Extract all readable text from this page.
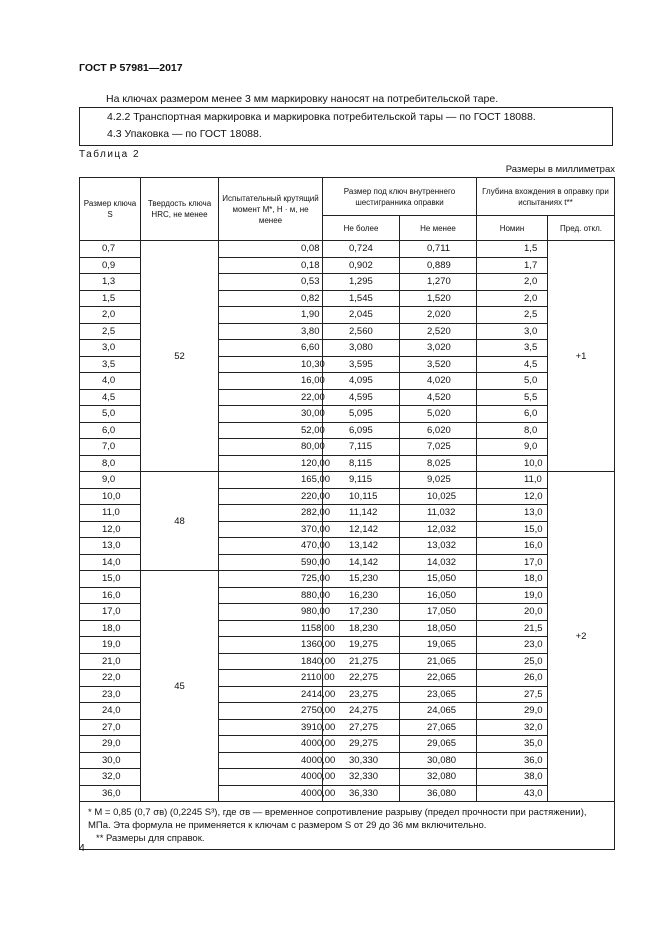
ГОСТ Р 57981—2017
На ключах размером менее 3 мм маркировку наносят на потребительской таре.
4.2.2 Транспортная маркировка и маркировка потребительской тары — по ГОСТ 18088.
4.3 Упаковка — по ГОСТ 18088.
Таблица 2
Размеры в миллиметрах
Размер ключа S	Твердость ключа HRC, не менее	Испытательный крутящий момент M*, Н · м, не менее	Размер под ключ внутреннего шестигранника оправки		Глубина вхождения в оправку при испытаниях t**	
			Не более	Не менее	Номин	Пред. откл.
0,7	52	0,08	0,724	0,711	1,5	+1
0,9		0,18	0,902	0,889	1,7	
1,3		0,53	1,295	1,270	2,0	
1,5		0,82	1,545	1,520	2,0	
2,0		1,90	2,045	2,020	2,5	
2,5		3,80	2,560	2,520	3,0	
3,0		6,60	3,080	3,020	3,5	
3,5		10,30	3,595	3,520	4,5	
4,0		16,00	4,095	4,020	5,0	
4,5		22,00	4,595	4,520	5,5	
5,0		30,00	5,095	5,020	6,0	
6,0		52,00	6,095	6,020	8,0	
7,0		80,00	7,115	7,025	9,0	
8,0		120,00	8,115	8,025	10,0	
9,0	48	165,00	9,115	9,025	11,0	+2
10,0		220,00	10,115	10,025	12,0	
11,0		282,00	11,142	11,032	13,0	
12,0		370,00	12,142	12,032	15,0	
13,0		470,00	13,142	13,032	16,0	
14,0		590,00	14,142	14,032	17,0	
15,0	45	725,00	15,230	15,050	18,0	
16,0		880,00	16,230	16,050	19,0	
17,0		980,00	17,230	17,050	20,0	
18,0		1158,00	18,230	18,050	21,5	
19,0		1360,00	19,275	19,065	23,0	
21,0		1840,00	21,275	21,065	25,0	
22,0		2110,00	22,275	22,065	26,0	
23,0		2414,00	23,275	23,065	27,5	
24,0		2750,00	24,275	24,065	29,0	
27,0		3910,00	27,275	27,065	32,0	
29,0		4000,00	29,275	29,065	35,0	
30,0		4000,00	30,330	30,080	36,0	
32,0		4000,00	32,330	32,080	38,0	
36,0		4000,00	36,330	36,080	43,0	

* M = 0,85 (0,7 σв) (0,2245 S³), где σв — временное сопротивление разрыву (предел прочности при растяжении), МПа. Эта формула не применяется к ключам с размером S от 29 до 36 мм включительно.
** Размеры для справок.						
4
